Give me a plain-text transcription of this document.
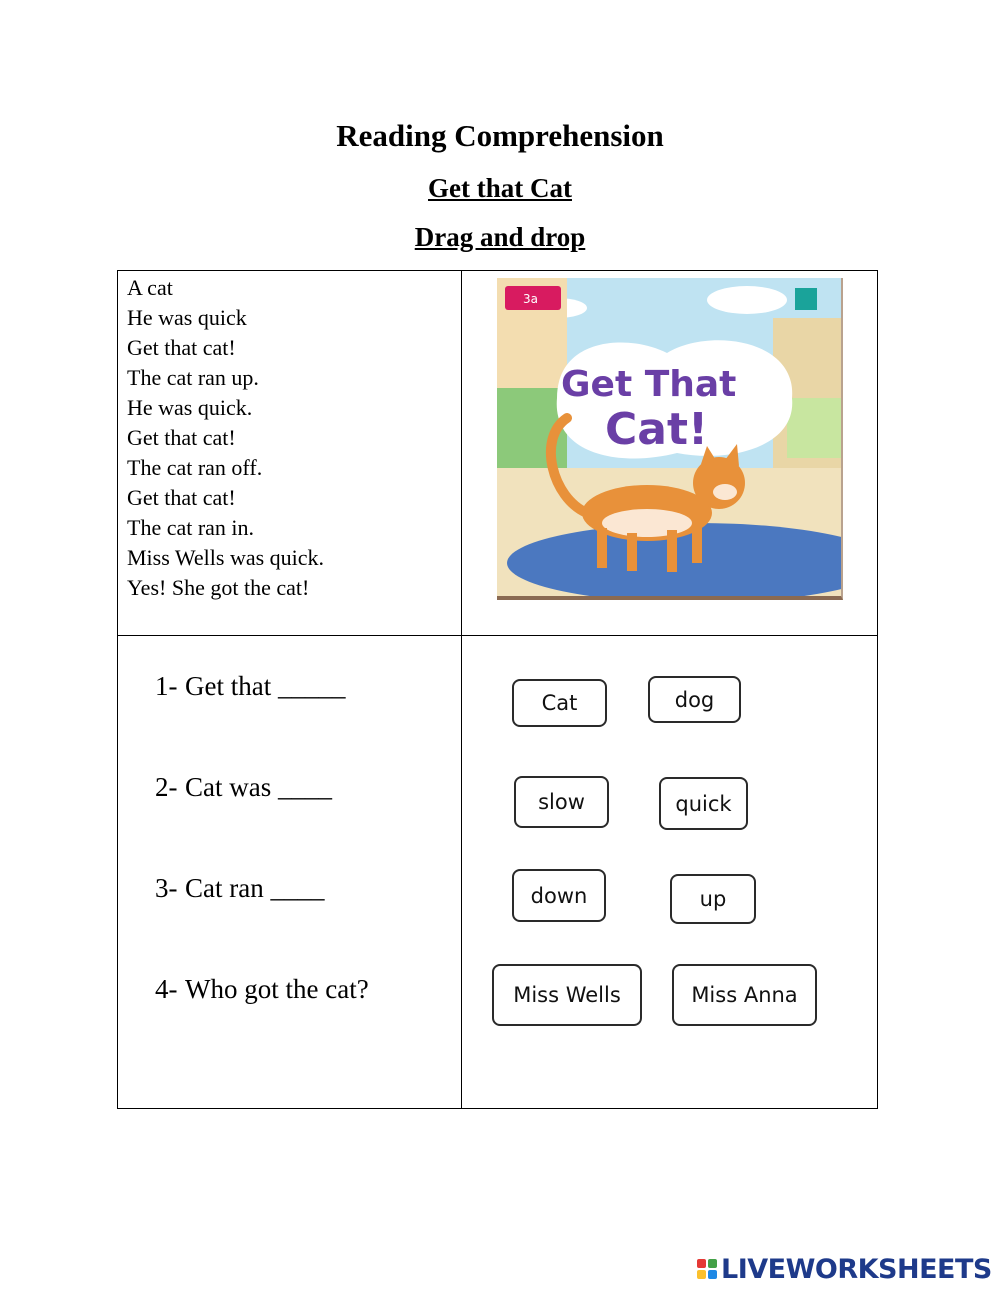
Reading Comprehension
Get that Cat
Drag and drop
A cat
He was quick
Get that cat!
The cat ran up.
He was quick.
Get that cat!
The cat ran off.
Get that cat!
The cat ran in.
Miss Wells was quick.
Yes! She got the cat!
3a
Get That
Cat!
1- Get that _____
2- Cat was ____
3- Cat ran ____
4- Who got the cat?
Cat	dog
slow	quick
down	up
Miss Wells	Miss Anna
LIVEWORKSHEETS
